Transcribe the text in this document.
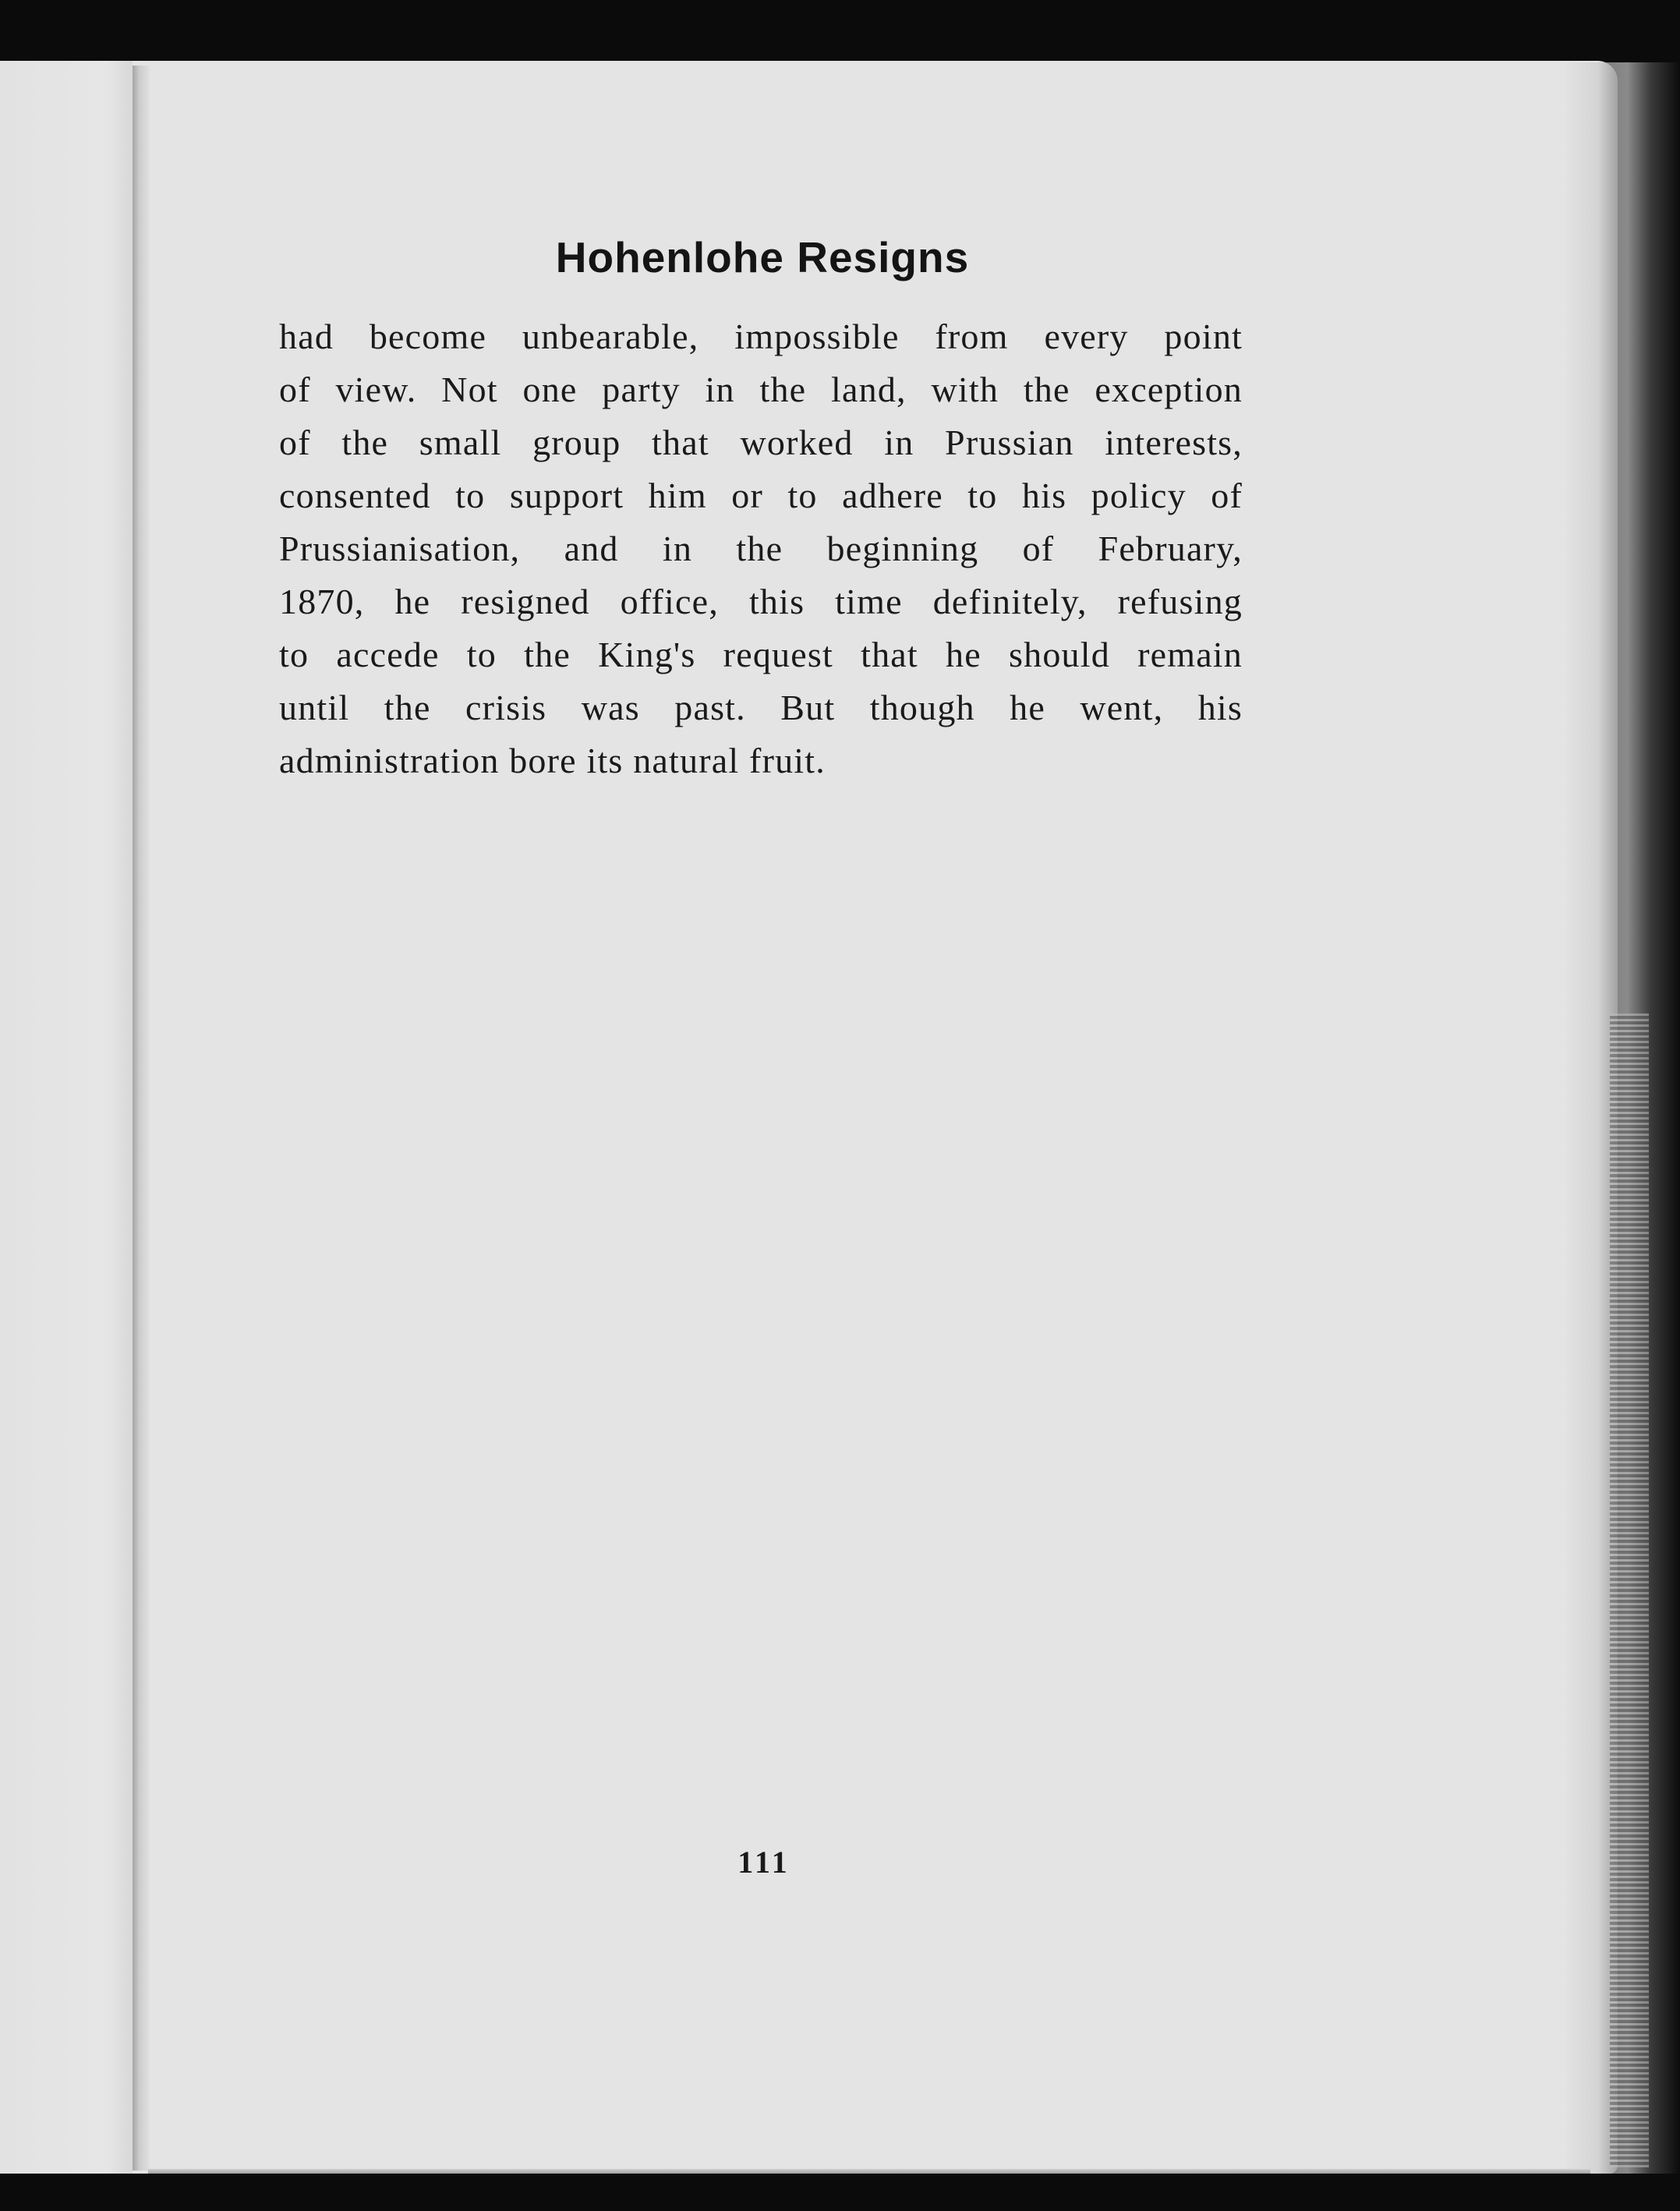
Hohenlohe Resigns
had become unbearable, impossible from every point
of view. Not one party in the land, with the exception
of the small group that worked in Prussian interests,
consented to support him or to adhere to his policy of
Prussianisation, and in the beginning of February,
1870, he resigned office, this time definitely, refusing
to accede to the King's request that he should remain
until the crisis was past. But though he went, his
administration bore its natural fruit.
111
